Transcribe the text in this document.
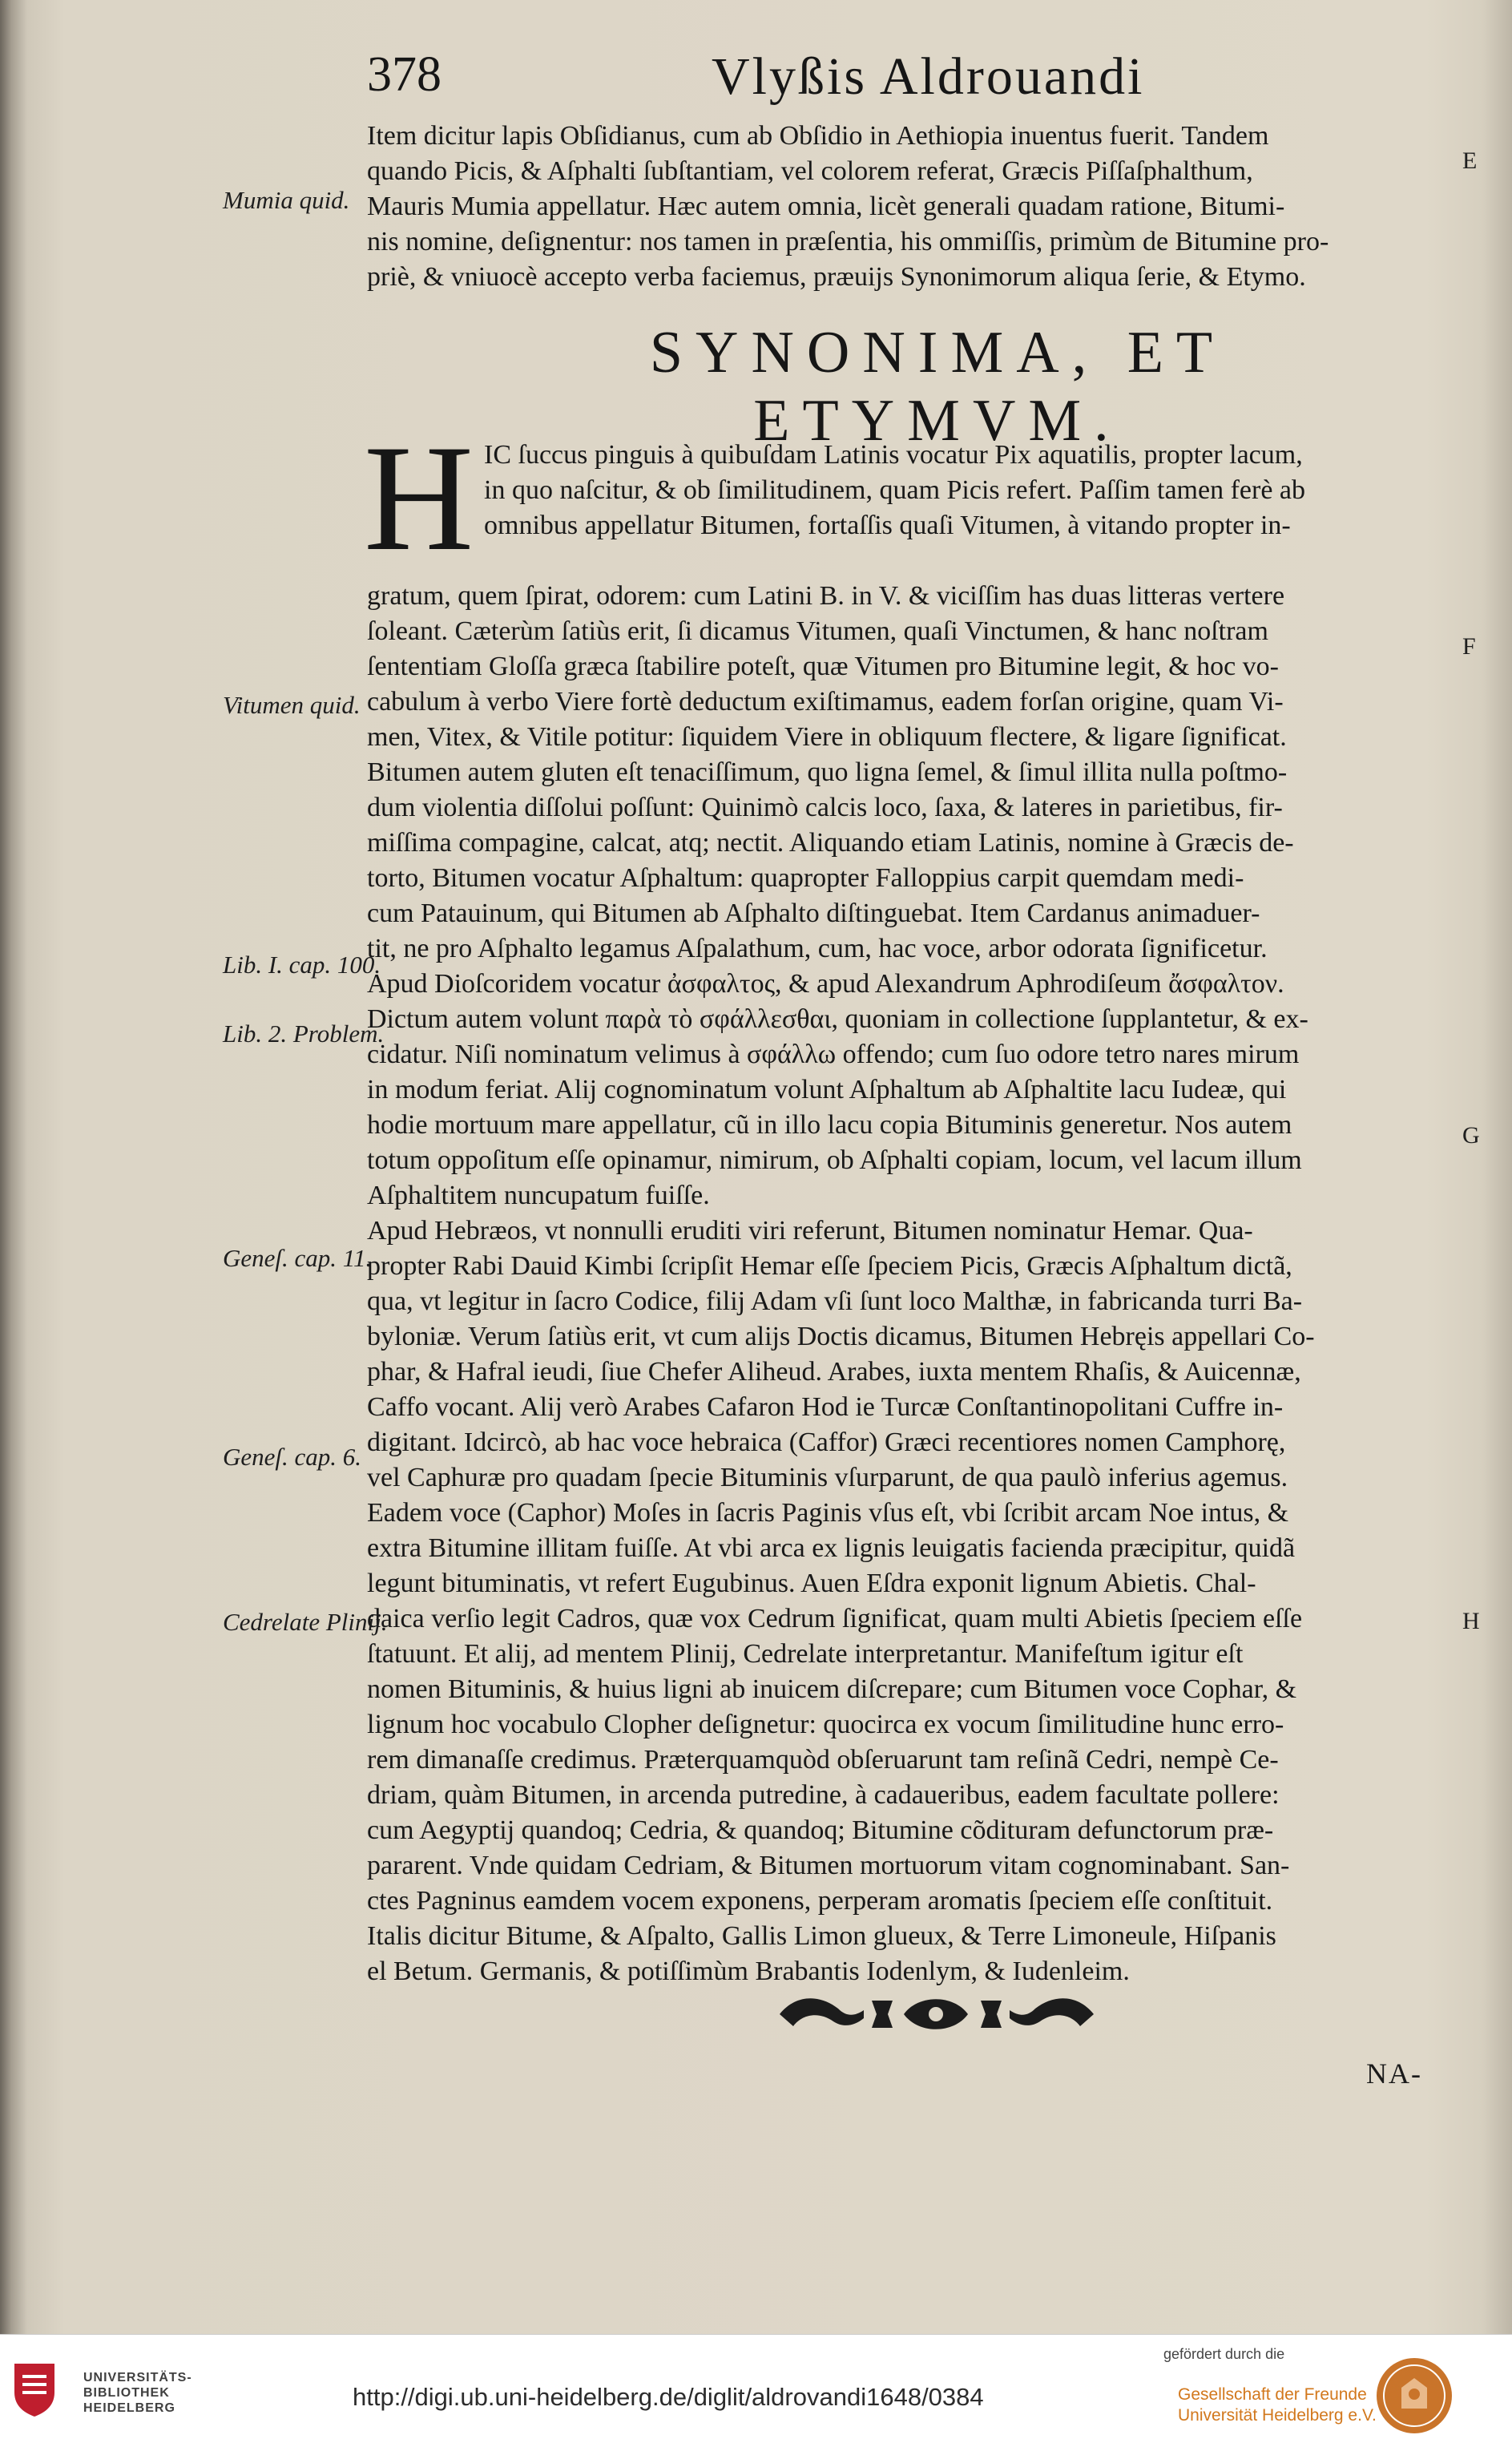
378	Vlyßis Aldrouandi
Item dicitur lapis Obſidianus, cum ab Obſidio in Aethiopia inuentus fuerit. Tandem
quando Picis, & Aſphalti ſubſtantiam, vel colorem referat, Græcis Piſſaſphalthum,
Mauris Mumia appellatur. Hæc autem omnia, licèt generali quadam ratione, Bitumi-
nis nomine, deſignentur: nos tamen in præſentia, his ommiſſis, primùm de Bitumine pro-
priè, & vniuocè accepto verba faciemus, præuijs Synonimorum aliqua ſerie, & Etymo.
SYNONIMA, ET ETYMVM.
H IC ſuccus pinguis à quibuſdam Latinis vocatur Pix aquatilis, propter lacum,
in quo naſcitur, & ob ſimilitudinem, quam Picis refert. Paſſim tamen ferè ab
omnibus appellatur Bitumen, fortaſſis quaſi Vitumen, à vitando propter in-
gratum, quem ſpirat, odorem: cum Latini B. in V. & viciſſim has duas litteras vertere
ſoleant. Cæterùm ſatiùs erit, ſi dicamus Vitumen, quaſi Vinctumen, & hanc noſtram
ſententiam Gloſſa græca ſtabilire poteſt, quæ Vitumen pro Bitumine legit, & hoc vo-
cabulum à verbo Viere fortè deductum exiſtimamus, eadem forſan origine, quam Vi-
men, Vitex, & Vitile potitur: ſiquidem Viere in obliquum flectere, & ligare ſignificat.
Bitumen autem gluten eſt tenaciſſimum, quo ligna ſemel, & ſimul illita nulla poſtmo-
dum violentia diſſolui poſſunt: Quinimò calcis loco, ſaxa, & lateres in parietibus, fir-
miſſima compagine, calcat, atq; nectit. Aliquando etiam Latinis, nomine à Græcis de-
torto, Bitumen vocatur Aſphaltum: quapropter Falloppius carpit quemdam medi-
cum Patauinum, qui Bitumen ab Aſphalto diſtinguebat. Item Cardanus animaduer-
tit, ne pro Aſphalto legamus Aſpalathum, cum, hac voce, arbor odorata ſignificetur.
Apud Dioſcoridem vocatur ἀσφαλτος, & apud Alexandrum Aphrodiſeum ἄσφαλτον.
Dictum autem volunt παρὰ τὸ σφάλλεσθαι, quoniam in collectione ſupplantetur, & ex-
cidatur. Niſi nominatum velimus à σφάλλω offendo; cum ſuo odore tetro nares mirum
in modum feriat. Alij cognominatum volunt Aſphaltum ab Aſphaltite lacu Iudeæ, qui
hodie mortuum mare appellatur, cũ in illo lacu copia Bituminis generetur. Nos autem
totum oppoſitum eſſe opinamur, nimirum, ob Aſphalti copiam, locum, vel lacum illum
Aſphaltitem nuncupatum fuiſſe.
Apud Hebræos, vt nonnulli eruditi viri referunt, Bitumen nominatur Hemar. Qua-
propter Rabi Dauid Kimbi ſcripſit Hemar eſſe ſpeciem Picis, Græcis Aſphaltum dictã,
qua, vt legitur in ſacro Codice, filij Adam vſi ſunt loco Malthæ, in fabricanda turri Ba-
byloniæ. Verum ſatiùs erit, vt cum alijs Doctis dicamus, Bitumen Hebręis appellari Co-
phar, & Hafral ieudi, ſiue Chefer Aliheud. Arabes, iuxta mentem Rhaſis, & Auicennæ,
Caffo vocant. Alij verò Arabes Cafaron Hod ie Turcæ Conſtantinopolitani Cuffre in-
digitant. Idcircò, ab hac voce hebraica (Caffor) Græci recentiores nomen Camphorę,
vel Caphuræ pro quadam ſpecie Bituminis vſurparunt, de qua paulò inferius agemus.
Eadem voce (Caphor) Moſes in ſacris Paginis vſus eſt, vbi ſcribit arcam Noe intus, &
extra Bitumine illitam fuiſſe. At vbi arca ex lignis leuigatis facienda præcipitur, quidã
legunt bituminatis, vt refert Eugubinus. Auen Eſdra exponit lignum Abietis. Chal-
daica verſio legit Cadros, quæ vox Cedrum ſignificat, quam multi Abietis ſpeciem eſſe
ſtatuunt. Et alij, ad mentem Plinij, Cedrelate interpretantur. Manifeſtum igitur eſt
nomen Bituminis, & huius ligni ab inuicem diſcrepare; cum Bitumen voce Cophar, &
lignum hoc vocabulo Clopher deſignetur: quocirca ex vocum ſimilitudine hunc erro-
rem dimanaſſe credimus. Præterquamquòd obſeruarunt tam reſinã Cedri, nempè Ce-
driam, quàm Bitumen, in arcenda putredine, à cadaueribus, eadem facultate pollere:
cum Aegyptij quandoq; Cedria, & quandoq; Bitumine cõdituram defunctorum præ-
pararent. Vnde quidam Cedriam, & Bitumen mortuorum vitam cognominabant. San-
ctes Pagninus eamdem vocem exponens, perperam aromatis ſpeciem eſſe conſtituit.
Italis dicitur Bitume, & Aſpalto, Gallis Limon glueux, & Terre Limoneule, Hiſpanis
el Betum. Germanis, & potiſſimùm Brabantis Iodenlym, & Iudenleim.
Mumia quid.
Vitumen quid.
Lib. I. cap. 100.
Lib. 2. Problem.
Geneſ. cap. 11.
Geneſ. cap. 6.
Cedrelate Plinij.
E
F
G
H
NA-
UNIVERSITÄTS-
BIBLIOTHEK
HEIDELBERG	http://digi.ub.uni-heidelberg.de/diglit/aldrovandi1648/0384
gefördert durch die
Gesellschaft der Freunde
Universität Heidelberg e.V.
